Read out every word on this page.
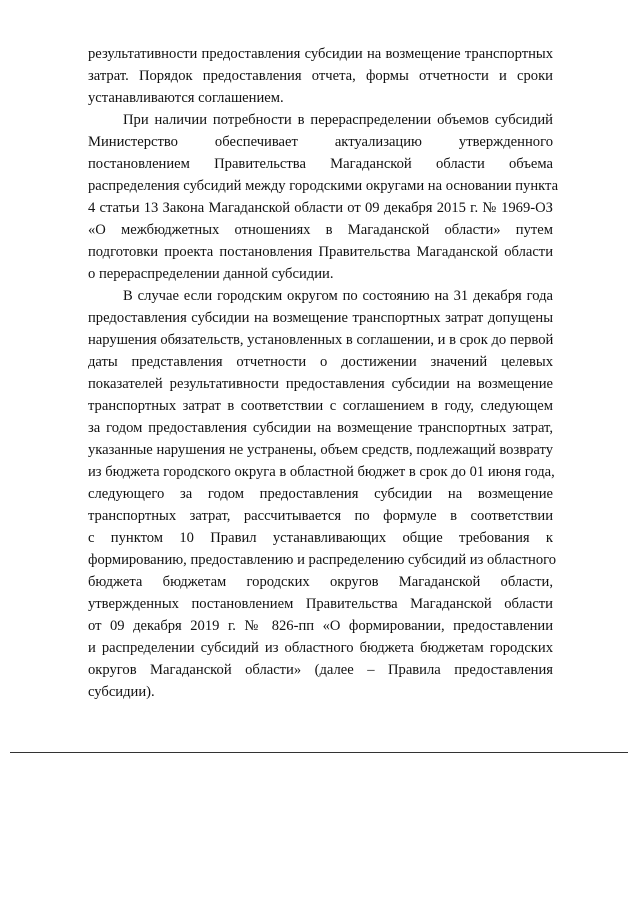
результативности предоставления субсидии на возмещение транспортных
затрат. Порядок предоставления отчета, формы отчетности и сроки
устанавливаются соглашением.
При наличии потребности в перераспределении объемов субсидий
Министерство обеспечивает актуализацию утвержденного
постановлением Правительства Магаданской области объема
распределения субсидий между городскими округами на основании пункта
4 статьи 13 Закона Магаданской области от 09 декабря 2015 г. № 1969-ОЗ
«О межбюджетных отношениях в Магаданской области» путем
подготовки проекта постановления Правительства Магаданской области
о перераспределении данной субсидии.
В случае если городским округом по состоянию на 31 декабря года
предоставления субсидии на возмещение транспортных затрат допущены
нарушения обязательств, установленных в соглашении, и в срок до первой
даты представления отчетности о достижении значений целевых
показателей результативности предоставления субсидии на возмещение
транспортных затрат в соответствии с соглашением в году, следующем
за годом предоставления субсидии на возмещение транспортных затрат,
указанные нарушения не устранены, объем средств, подлежащий возврату
из бюджета городского округа в областной бюджет в срок до 01 июня года,
следующего за годом предоставления субсидии на возмещение
транспортных затрат, рассчитывается по формуле в соответствии
с пунктом 10 Правил устанавливающих общие требования к
формированию, предоставлению и распределению субсидий из областного
бюджета бюджетам городских округов Магаданской области,
утвержденных постановлением Правительства Магаданской области
от 09 декабря 2019 г. № 826-пп «О формировании, предоставлении
и распределении субсидий из областного бюджета бюджетам городских
округов Магаданской области» (далее – Правила предоставления
субсидии).
